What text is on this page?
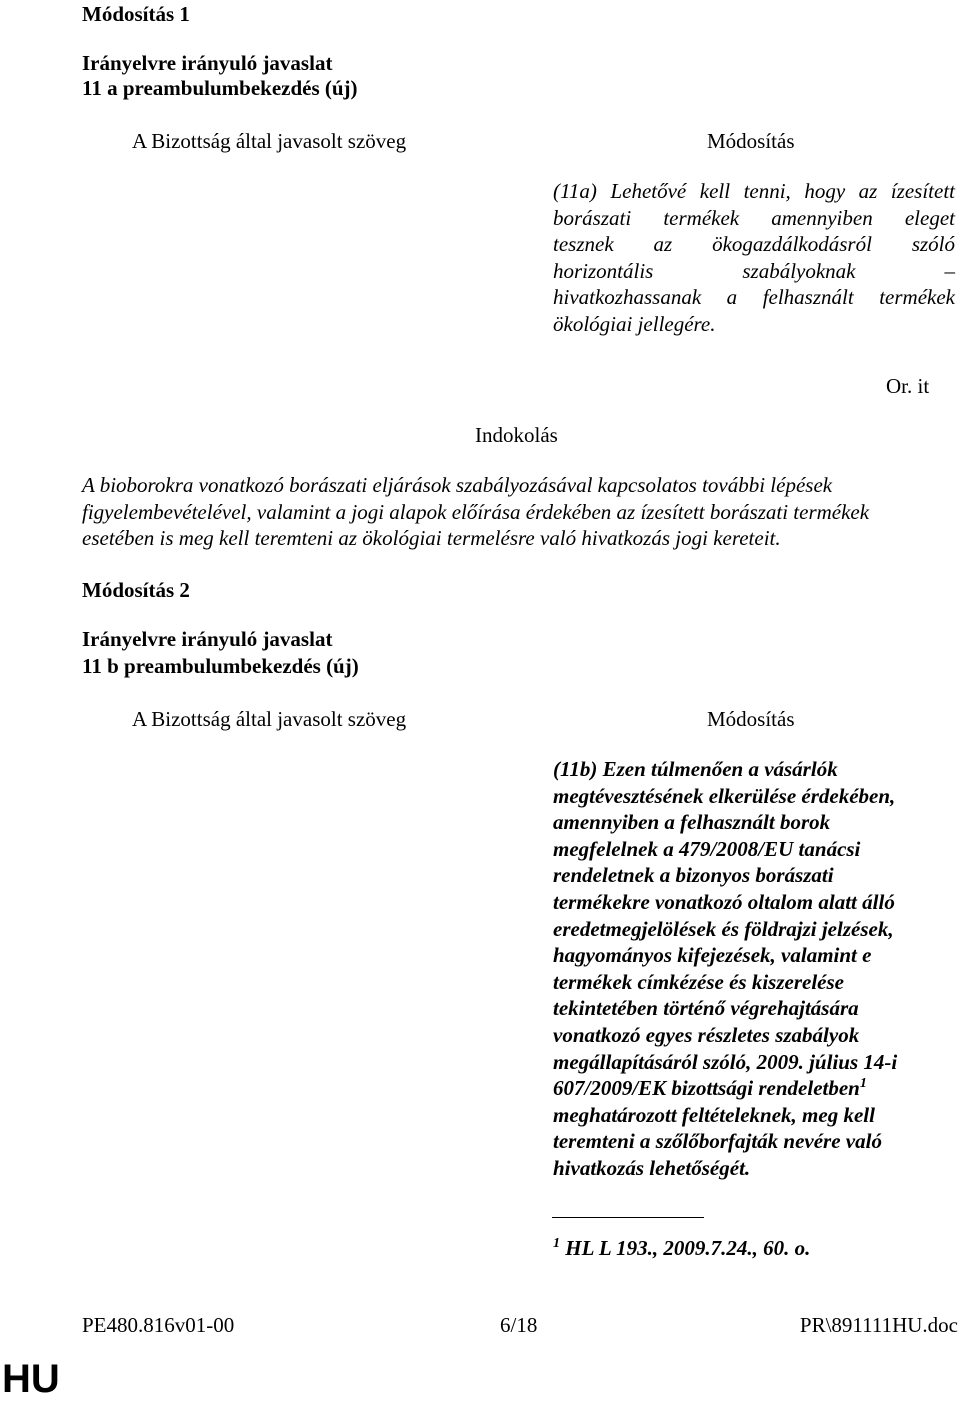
Módosítás 1
Irányelvre irányuló javaslat
11 a preambulumbekezdés (új)
A Bizottság által javasolt szöveg	Módosítás
(11a) Lehetővé kell tenni, hogy az ízesített
borászati termékek amennyiben eleget
tesznek az ökogazdálkodásról szóló
horizontális szabályoknak –
hivatkozhassanak a felhasznált termékek
ökológiai jellegére.
Or. it
Indokolás
A bioborokra vonatkozó borászati eljárások szabályozásával kapcsolatos további lépések
figyelembevételével, valamint a jogi alapok előírása érdekében az ízesített borászati termékek
esetében is meg kell teremteni az ökológiai termelésre való hivatkozás jogi kereteit.
Módosítás 2
Irányelvre irányuló javaslat
11 b preambulumbekezdés (új)
A Bizottság által javasolt szöveg	Módosítás
(11b) Ezen túlmenően a vásárlók
megtévesztésének elkerülése érdekében,
amennyiben a felhasznált borok
megfelelnek a 479/2008/EU tanácsi
rendeletnek a bizonyos borászati
termékekre vonatkozó oltalom alatt álló
eredetmegjelölések és földrajzi jelzések,
hagyományos kifejezések, valamint e
termékek címkézése és kiszerelése
tekintetében történő végrehajtására
vonatkozó egyes részletes szabályok
megállapításáról szóló, 2009. július 14-i
607/2009/EK bizottsági rendeletben$^1$
meghatározott feltételeknek, meg kell
teremteni a szőlőborfajták nevére való
hivatkozás lehetőségét.
$^1$ HL L 193., 2009.7.24., 60. o.
PE480.816v01-00	6/18	PR\891111HU.doc
HU
